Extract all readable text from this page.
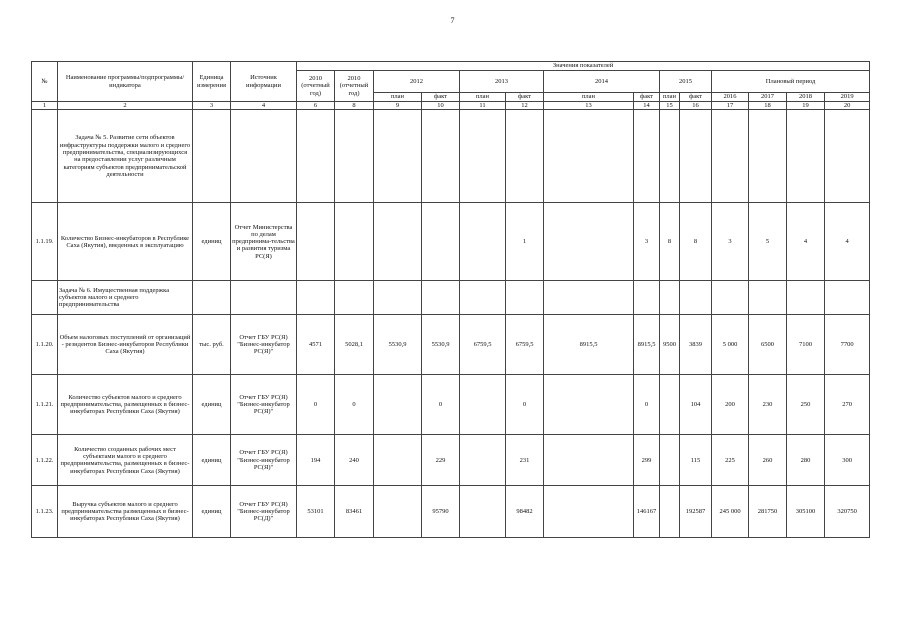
7
№	Наименование программы/подпрограммы/индикатора	Единица измерения	Источник информации	Значения показателей													
				2010 (отчетный год)	2010 (отчетный год)	2012		2013		2014		2015		Плановый период			
						план	факт	план	факт	план	факт	план	факт	2016	2017	2018	2019
1	2	3	4	6	8	9	10	11	12	13	14	15	16	17	18	19	20
	Задача № 5. Развитие сети объектов инфраструктуры поддержки малого и среднего предпринимательства, специализирующихся на предоставлении услуг различным категориям субъектов предпринимательской деятельности																
1.1.19.	Количество Бизнес-инкубаторов в Республике Саха (Якутия), введенных в эксплуатацию	единиц	Отчет Министерства по делам предпринима-тельства и развития туризма РС(Я)						1		3	8	8	3	5	4	4
	Задача № 6. Имущественная поддержка субъектов малого и среднего предпринимательства																
1.1.20.	Объем налоговых поступлений от организаций - резидентов Бизнес-инкубаторов Республики Саха (Якутия)	тыс. руб.	Отчет ГБУ РС(Я) "Бизнес-инкубатор РС(Я)"	4571	5028,1	5530,9	5530,9	6759,5	6759,5	8915,5	8915,5	9500	3839	5 000	6500	7100	7700
1.1.21.	Количество субъектов малого и среднего предпринимательства, размещенных в бизнес-инкубаторах Республики Саха (Якутия)	единиц	Отчет ГБУ РС(Я) "Бизнес-инкубатор РС(Я)"	0	0		0		0		0		104	200	230	250	270
1.1.22.	Количество созданных рабочих мест субъектами малого и среднего предпринимательства, размещенных в бизнес-инкубаторах Республики Саха (Якутия)	единиц	Отчет ГБУ РС(Я) "Бизнес-инкубатор РС(Я)"	194	240		229		231		299		115	225	260	280	300
1.1.23.	Выручка субъектов малого и среднего предпринимательства размещенных в бизнес-инкубаторах Республики Саха (Якутия)	единиц	Отчет ГБУ РС(Я) "Бизнес-инкубатор РС(Д)"	53101	83461		95790		98482		146167		192587	245 000	281750	305100	320750
